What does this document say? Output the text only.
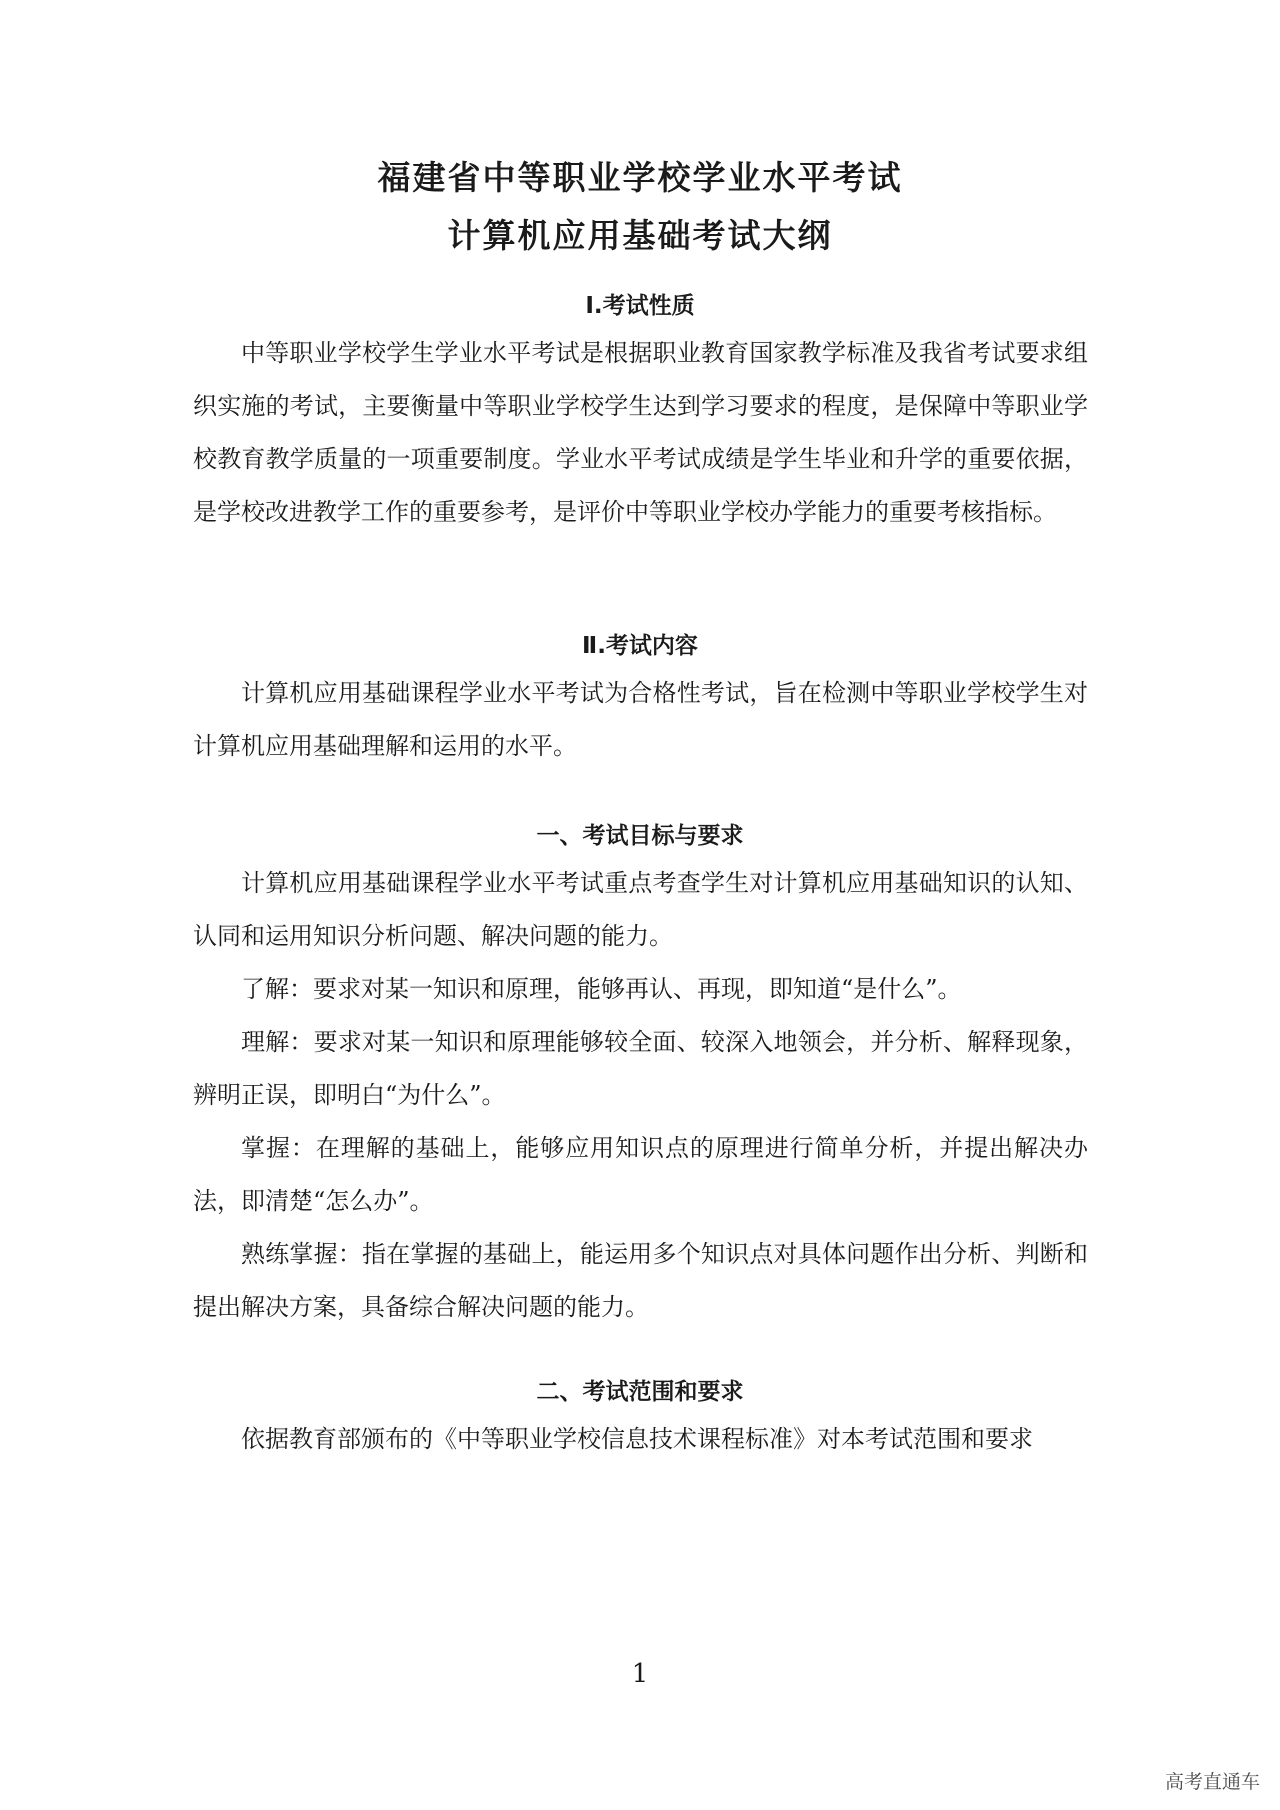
福建省中等职业学校学业水平考试
计算机应用基础考试大纲
Ⅰ.考试性质

中等职业学校学生学业水平考试是根据职业教育国家教学标准及我省考试要求组织实施的考试，主要衡量中等职业学校学生达到学习要求的程度，是保障中等职业学校教育教学质量的一项重要制度。学业水平考试成绩是学生毕业和升学的重要依据，是学校改进教学工作的重要参考，是评价中等职业学校办学能力的重要考核指标。

Ⅱ.考试内容

计算机应用基础课程学业水平考试为合格性考试，旨在检测中等职业学校学生对计算机应用基础理解和运用的水平。

一、考试目标与要求

计算机应用基础课程学业水平考试重点考查学生对计算机应用基础知识的认知、认同和运用知识分析问题、解决问题的能力。

了解：要求对某一知识和原理，能够再认、再现，即知道“是什么”。

理解：要求对某一知识和原理能够较全面、较深入地领会，并分析、解释现象，辨明正误，即明白“为什么”。

掌握：在理解的基础上，能够应用知识点的原理进行简单分析，并提出解决办法，即清楚“怎么办”。

熟练掌握：指在掌握的基础上，能运用多个知识点对具体问题作出分析、判断和提出解决方案，具备综合解决问题的能力。

二、考试范围和要求

依据教育部颁布的《中等职业学校信息技术课程标准》对本考试范围和要求

1

高考直通车
